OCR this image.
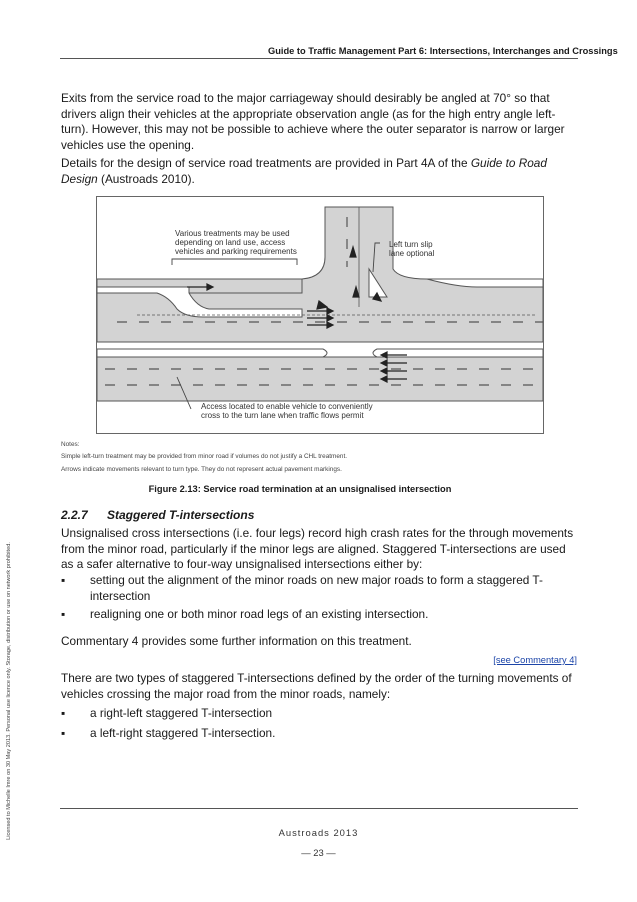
Guide to Traffic Management Part 6: Intersections, Interchanges and Crossings
Exits from the service road to the major carriageway should desirably be angled at 70° so that drivers align their vehicles at the appropriate observation angle (as for the high entry angle left-turn). However, this may not be possible to achieve where the outer separator is narrow or larger vehicles use the opening.
Details for the design of service road treatments are provided in Part 4A of the Guide to Road Design (Austroads 2010).
Various treatments may be used
depending on land use, access
vehicles and parking requirements
Left turn slip
lane optional
Access located to enable vehicle to conveniently
cross to the turn lane when traffic flows permit
Notes:
Simple left-turn treatment may be provided from minor road if volumes do not justify a CHL treatment.
Arrows indicate movements relevant to turn type. They do not represent actual pavement markings.
Figure 2.13: Service road termination at an unsignalised intersection
2.2.7 Staggered T-intersections
Unsignalised cross intersections (i.e. four legs) record high crash rates for the through movements from the minor road, particularly if the minor legs are aligned. Staggered T-intersections are used as a safer alternative to four-way unsignalised intersections either by:
▪ setting out the alignment of the minor roads on new major roads to form a staggered T-intersection
▪ realigning one or both minor road legs of an existing intersection.
Commentary 4 provides some further information on this treatment.
[see Commentary 4]
There are two types of staggered T-intersections defined by the order of the turning movements of vehicles crossing the major road from the minor roads, namely:
▪ a right-left staggered T-intersection
▪ a left-right staggered T-intersection.
Licensed to Michelle Imre on 30 May 2013. Personal use licence only. Storage, distribution or use on network prohibited.	Austroads 2013
— 23 —
